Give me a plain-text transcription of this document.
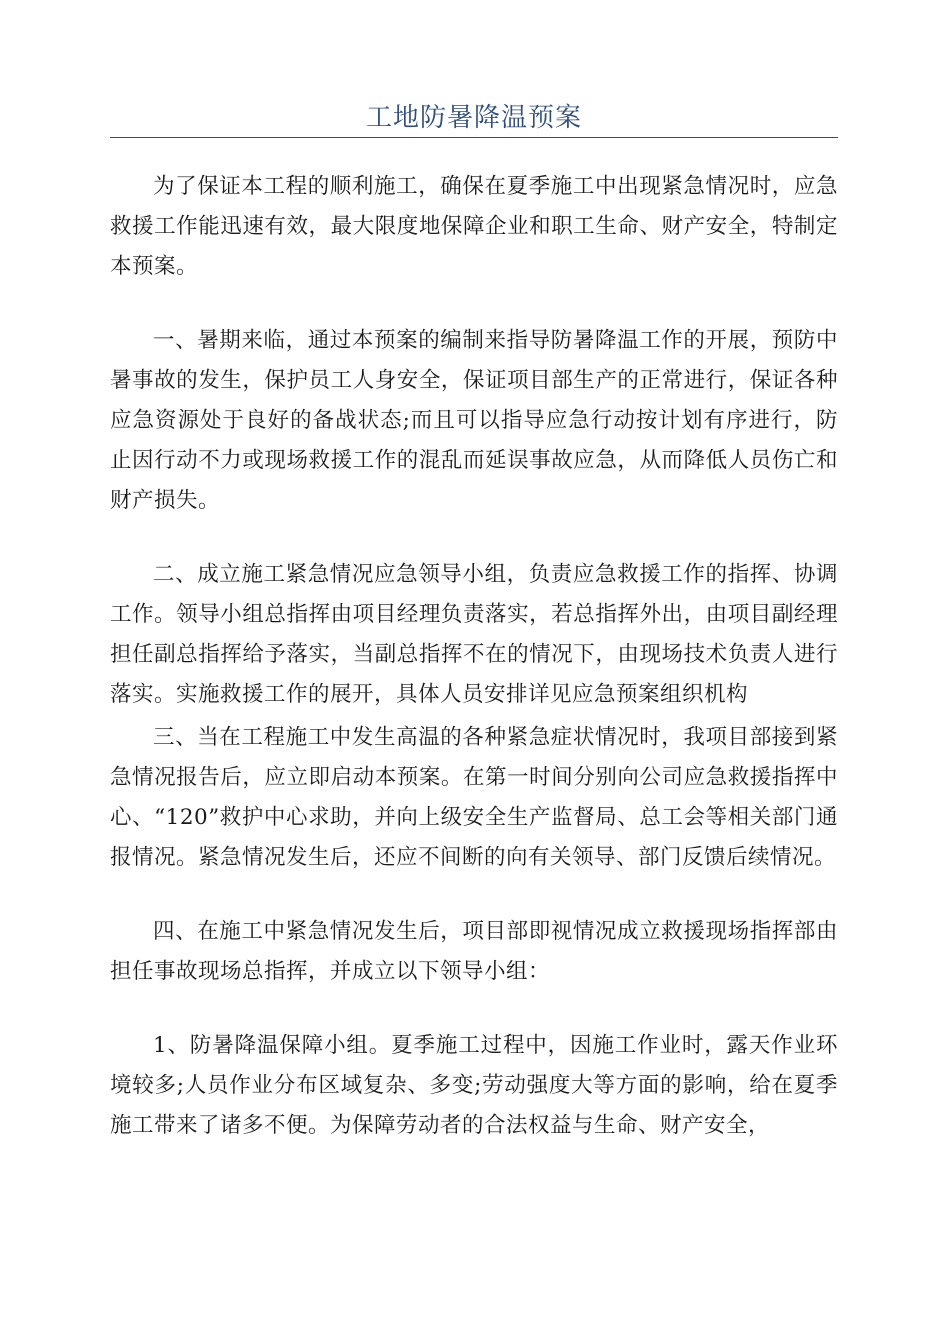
工地防暑降温预案

为了保证本工程的顺利施工，确保在夏季施工中出现紧急情况时，应急救援工作能迅速有效，最大限度地保障企业和职工生命、财产安全，特制定本预案。

一、暑期来临，通过本预案的编制来指导防暑降温工作的开展，预防中暑事故的发生，保护员工人身安全，保证项目部生产的正常进行，保证各种应急资源处于良好的备战状态;而且可以指导应急行动按计划有序进行，防止因行动不力或现场救援工作的混乱而延误事故应急，从而降低人员伤亡和财产损失。

二、成立施工紧急情况应急领导小组，负责应急救援工作的指挥、协调工作。领导小组总指挥由项目经理负责落实，若总指挥外出，由项目副经理担任副总指挥给予落实，当副总指挥不在的情况下，由现场技术负责人进行落实。实施救援工作的展开，具体人员安排详见应急预案组织机构

三、当在工程施工中发生高温的各种紧急症状情况时，我项目部接到紧急情况报告后，应立即启动本预案。在第一时间分别向公司应急救援指挥中心、“120”救护中心求助，并向上级安全生产监督局、总工会等相关部门通报情况。紧急情况发生后，还应不间断的向有关领导、部门反馈后续情况。

四、在施工中紧急情况发生后，项目部即视情况成立救援现场指挥部由担任事故现场总指挥，并成立以下领导小组：

1、防暑降温保障小组。夏季施工过程中，因施工作业时，露天作业环境较多;人员作业分布区域复杂、多变;劳动强度大等方面的影响，给在夏季施工带来了诸多不便。为保障劳动者的合法权益与生命、财产安全，
